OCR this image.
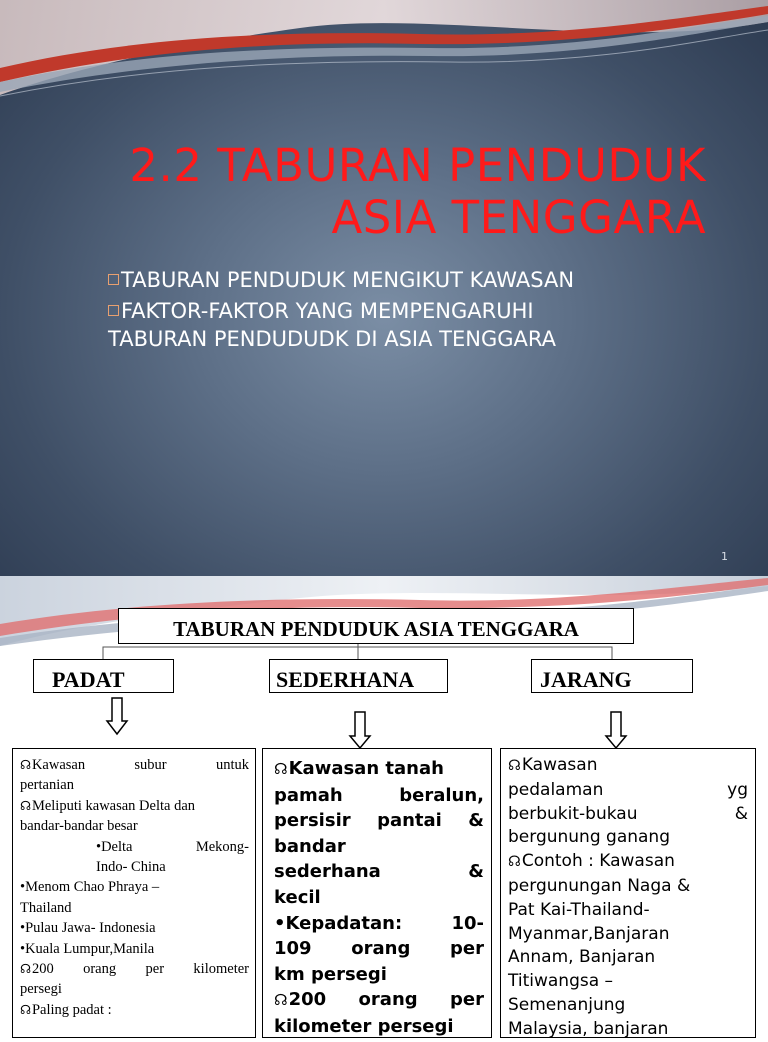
2.2 TABURAN PENDUDUK
ASIA TENGGARA
TABURAN PENDUDUK MENGIKUT KAWASAN
FAKTOR-FAKTOR YANG MEMPENGARUHI
TABURAN PENDUDUDK DI ASIA TENGGARA
1
TABURAN PENDUDUK ASIA TENGGARA
PADAT	SEDERHANA	JARANG
☊Kawasan subur untuk
pertanian
☊Meliputi kawasan Delta dan
bandar-bandar besar
•Delta Mekong-
Indo- China
•Menom Chao Phraya –
Thailand
•Pulau Jawa- Indonesia
•Kuala Lumpur,Manila
☊200 orang per kilometer
persegi
☊Paling padat :
☊Kawasan tanah
pamah beralun,
persisir pantai &
bandar
sederhana &
kecil
•Kepadatan: 10-
109 orang per
km persegi
☊200 orang per
kilometer persegi
☊Kawasan
pedalaman yg
berbukit-bukau &
bergunung ganang
☊Contoh : Kawasan
pergunungan Naga &
Pat Kai-Thailand-
Myanmar,Banjaran
Annam, Banjaran
Titiwangsa –
Semenanjung
Malaysia, banjaran
